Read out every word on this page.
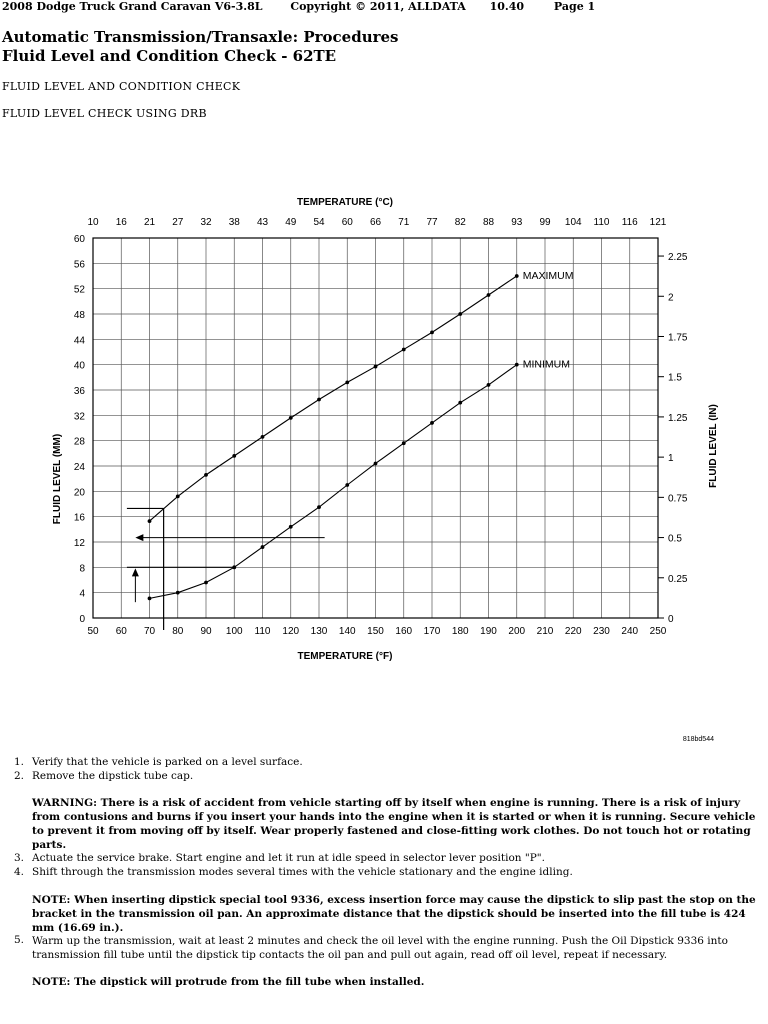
2008 Dodge Truck Grand Caravan V6-3.8L	Copyright © 2011, ALLDATA 10.40	Page 1
Automatic Transmission/Transaxle: Procedures
Fluid Level and Condition Check - 62TE
FLUID LEVEL AND CONDITION CHECK
FLUID LEVEL CHECK USING DRB
MAXIMUM
MINIMUM
50
10
60
16
70
21
80
27
90
32
100
38
110
43
120
49
130
54
140
60
150
66
160
71
170
77
180
82
190
88
200
93
210
99
220
104
230
110
240
116
250
121
0
4
8
12
16
20
24
28
32
36
40
44
48
52
56
60
0
0.25
0.5
0.75
1
1.25
1.5
1.75
2
2.25
TEMPERATURE (°C)
TEMPERATURE (°F)
FLUID LEVEL (MM)	FLUID LEVEL (IN)
818bd544
1. Verify that the vehicle is parked on a level surface.
2. Remove the dipstick tube cap.
WARNING: There is a risk of accident from vehicle starting off by itself when engine is running. There is a risk of injury from contusions and burns if you insert your hands into the engine when it is started or when it is running. Secure vehicle to prevent it from moving off by itself. Wear properly fastened and close-fitting work clothes. Do not touch hot or rotating parts.
3. Actuate the service brake. Start engine and let it run at idle speed in selector lever position "P".
4. Shift through the transmission modes several times with the vehicle stationary and the engine idling.
NOTE: When inserting dipstick special tool 9336, excess insertion force may cause the dipstick to slip past the stop on the bracket in the transmission oil pan. An approximate distance that the dipstick should be inserted into the fill tube is 424 mm (16.69 in.).
5. Warm up the transmission, wait at least 2 minutes and check the oil level with the engine running. Push the Oil Dipstick 9336 into transmission fill tube until the dipstick tip contacts the oil pan and pull out again, read off oil level, repeat if necessary.
NOTE: The dipstick will protrude from the fill tube when installed.
